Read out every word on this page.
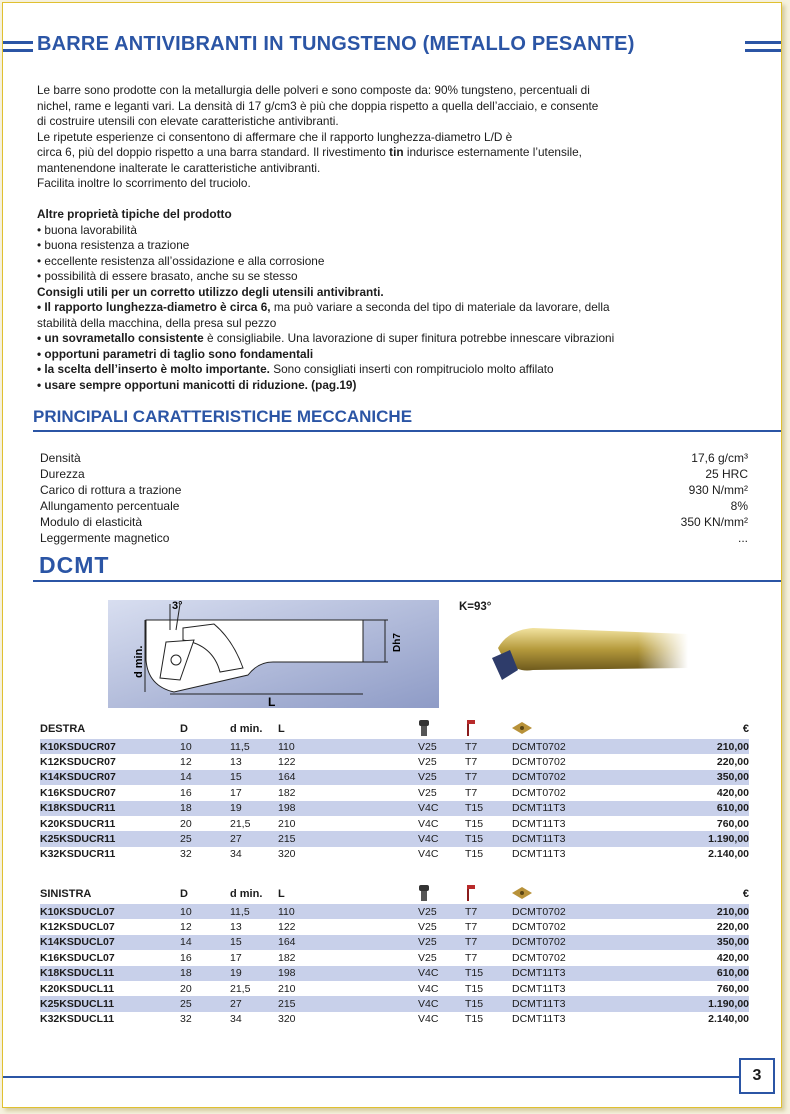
BARRE ANTIVIBRANTI IN TUNGSTENO (METALLO PESANTE)

Le barre sono prodotte con la metallurgia delle polveri e sono composte da: 90% tungsteno, percentuali di

nichel, rame e leganti vari. La densità di 17 g/cm3 è più che doppia rispetto a quella dell’acciaio, e consente

di costruire utensili con elevate caratteristiche antivibranti.

Le ripetute esperienze ci consentono di affermare che il rapporto lunghezza-diametro L/D è

circa 6, più del doppio rispetto a una barra standard. Il rivestimento tin indurisce esternamente l’utensile,

mantenendone inalterate le caratteristiche antivibranti.

Facilita inoltre lo scorrimento del truciolo.

Altre proprietà tipiche del prodotto
• buona lavorabilità
• buona resistenza a trazione
• eccellente resistenza all’ossidazione e alla corrosione
• possibilità di essere brasato, anche su se stesso
Consigli utili per un corretto utilizzo degli utensili antivibranti.
• Il rapporto lunghezza-diametro è circa 6, ma può variare a seconda del tipo di materiale da lavorare, della
stabilità della macchina, della presa sul pezzo
• un sovrametallo consistente è consigliabile. Una lavorazione di super finitura potrebbe innescare vibrazioni
• opportuni parametri di taglio sono fondamentali
• la scelta dell’inserto è molto importante. Sono consigliati inserti con rompitruciolo molto affilato
• usare sempre opportuni manicotti di riduzione. (pag.19)
PRINCIPALI CARATTERISTICHE MECCANICHE
Densità	17,6 g/cm³
Durezza	25 HRC
Carico di rottura a trazione	930 N/mm²
Allungamento percentuale	8%
Modulo di elasticità	350 KN/mm²
Leggermente magnetico	...
DCMT
3°
d min.
Dh7
L
K=93°
DESTRA	D	d min.	L				€
K10KSDUCR07	10	11,5	110	V25	T7	DCMT0702	210,00
K12KSDUCR07	12	13	122	V25	T7	DCMT0702	220,00
K14KSDUCR07	14	15	164	V25	T7	DCMT0702	350,00
K16KSDUCR07	16	17	182	V25	T7	DCMT0702	420,00
K18KSDUCR11	18	19	198	V4C	T15	DCMT11T3	610,00
K20KSDUCR11	20	21,5	210	V4C	T15	DCMT11T3	760,00
K25KSDUCR11	25	27	215	V4C	T15	DCMT11T3	1.190,00
K32KSDUCR11	32	34	320	V4C	T15	DCMT11T3	2.140,00
SINISTRA	D	d min.	L				€
K10KSDUCL07	10	11,5	110	V25	T7	DCMT0702	210,00
K12KSDUCL07	12	13	122	V25	T7	DCMT0702	220,00
K14KSDUCL07	14	15	164	V25	T7	DCMT0702	350,00
K16KSDUCL07	16	17	182	V25	T7	DCMT0702	420,00
K18KSDUCL11	18	19	198	V4C	T15	DCMT11T3	610,00
K20KSDUCL11	20	21,5	210	V4C	T15	DCMT11T3	760,00
K25KSDUCL11	25	27	215	V4C	T15	DCMT11T3	1.190,00
K32KSDUCL11	32	34	320	V4C	T15	DCMT11T3	2.140,00
3
